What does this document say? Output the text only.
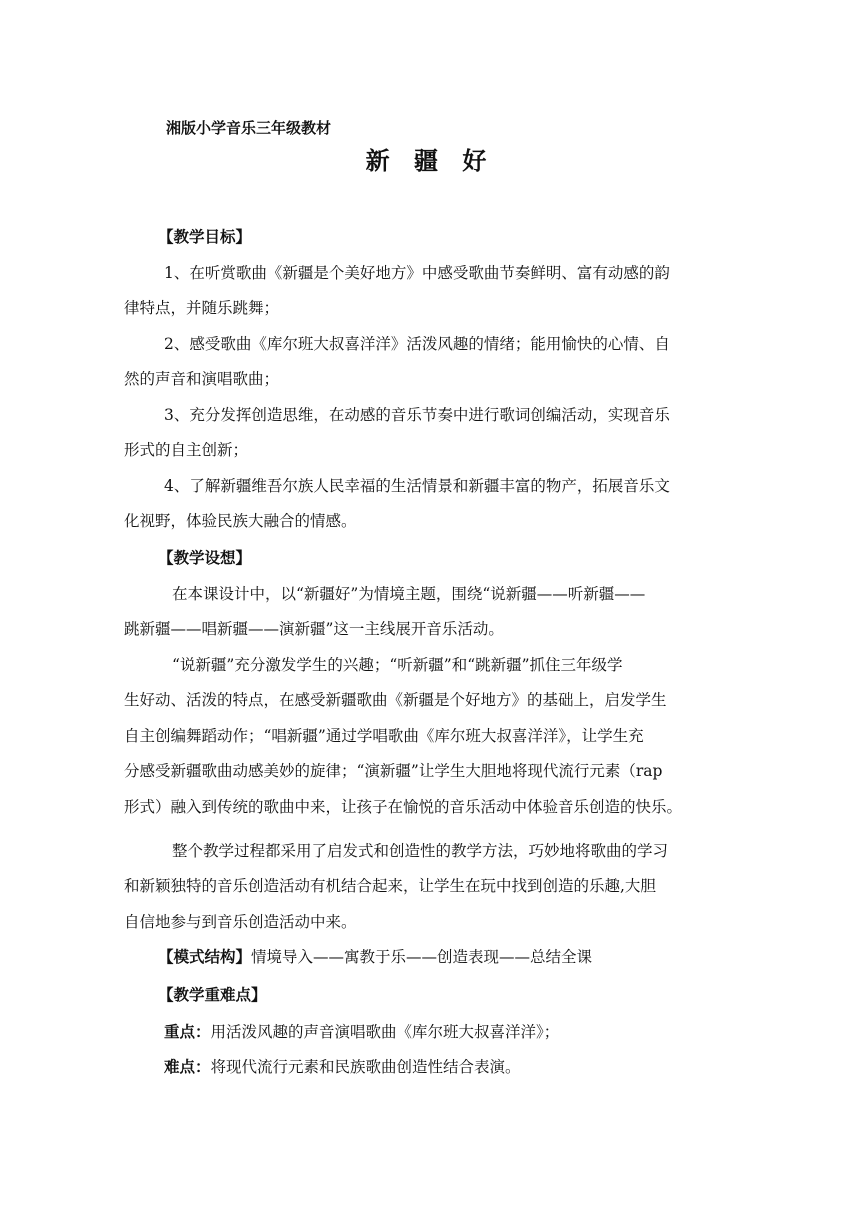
湘版小学音乐三年级教材
新 疆 好
【教学目标】
1、在听赏歌曲《新疆是个美好地方》中感受歌曲节奏鲜明、富有动感的韵
律特点，并随乐跳舞；
2、感受歌曲《库尔班大叔喜洋洋》活泼风趣的情绪；能用愉快的心情、自
然的声音和演唱歌曲；
3、充分发挥创造思维，在动感的音乐节奏中进行歌词创编活动，实现音乐
形式的自主创新；
4、了解新疆维吾尔族人民幸福的生活情景和新疆丰富的物产，拓展音乐文
化视野，体验民族大融合的情感。
【教学设想】
在本课设计中，以“新疆好”为情境主题，围绕“说新疆——听新疆——
跳新疆——唱新疆——演新疆”这一主线展开音乐活动。
“说新疆”充分激发学生的兴趣；“听新疆”和“跳新疆”抓住三年级学
生好动、活泼的特点，在感受新疆歌曲《新疆是个好地方》的基础上，启发学生
自主创编舞蹈动作；“唱新疆”通过学唱歌曲《库尔班大叔喜洋洋》，让学生充
分感受新疆歌曲动感美妙的旋律；“演新疆”让学生大胆地将现代流行元素（rap
形式）融入到传统的歌曲中来，让孩子在愉悦的音乐活动中体验音乐创造的快乐。
整个教学过程都采用了启发式和创造性的教学方法，巧妙地将歌曲的学习
和新颖独特的音乐创造活动有机结合起来，让学生在玩中找到创造的乐趣,大胆
自信地参与到音乐创造活动中来。
【模式结构】情境导入——寓教于乐——创造表现——总结全课
【教学重难点】
重点：用活泼风趣的声音演唱歌曲《库尔班大叔喜洋洋》；
难点：将现代流行元素和民族歌曲创造性结合表演。
